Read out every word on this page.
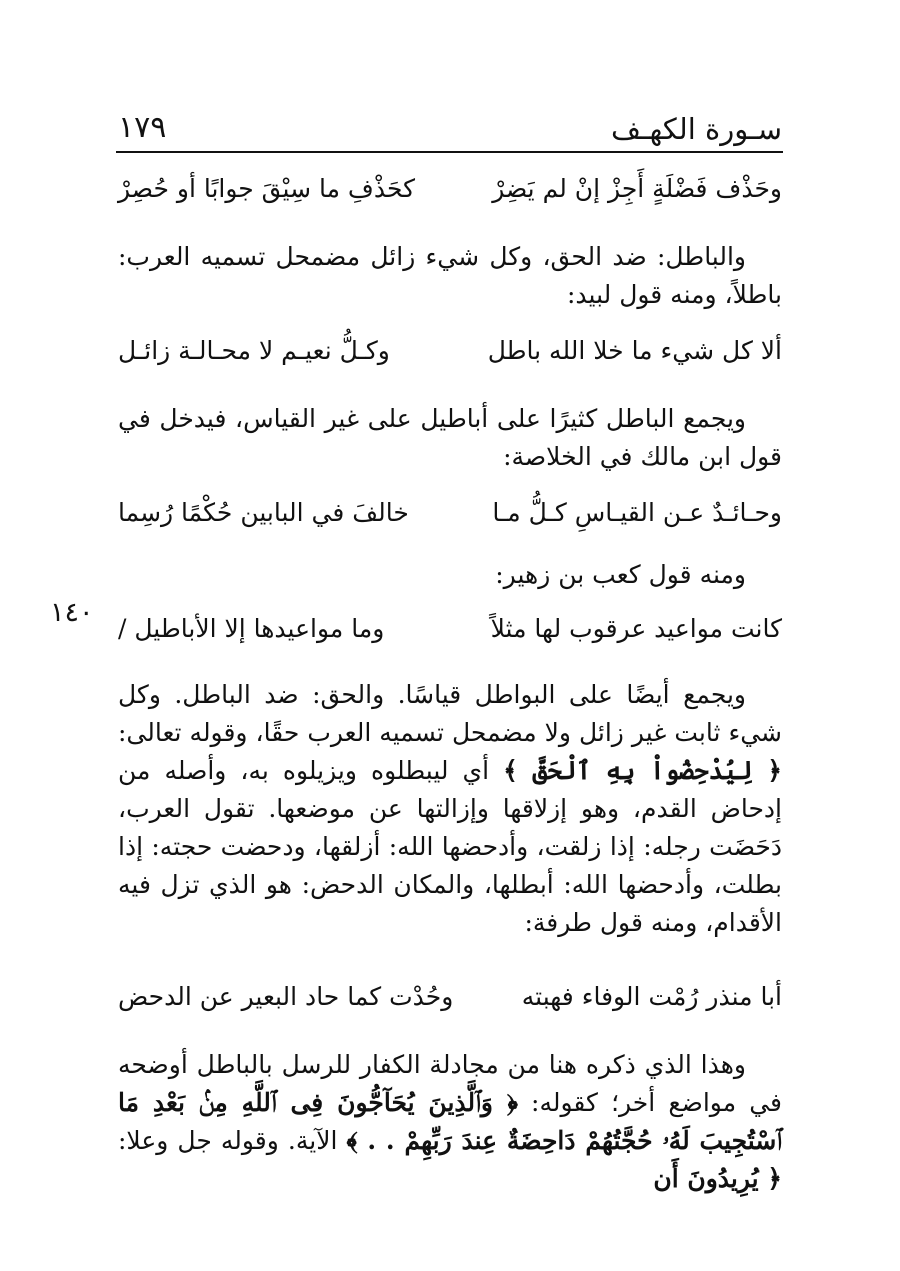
١٧٩	سـورة الكهـف
١٤٠
وحَذْف فَضْلَةٍ أَجِزْ إنْ لم يَضِرْ
كحَذْفِ ما سِيْقَ جوابًا أو حُصِرْ

والباطل: ضد الحق، وكل شيء زائل مضمحل تسميه العرب: باطلاً، ومنه قول لبيد:

ألا كل شيء ما خلا الله باطل
وكـلُّ نعيـم لا محـالـة زائـل

ويجمع الباطل كثيرًا على أباطيل على غير القياس، فيدخل في قول ابن مالك في الخلاصة:

وحـائـدٌ عـن القيـاسِ كـلُّ مـا
خالفَ في البابين حُكْمًا رُسِما

ومنه قول كعب بن زهير:

كانت مواعيد عرقوب لها مثلاً
وما مواعيدها إلا الأباطيل /

ويجمع أيضًا على البواطل قياسًا. والحق: ضد الباطل. وكل شيء ثابت غير زائل ولا مضمحل تسميه العرب حقًا، وقوله تعالى: ﴿ لِيُدْحِضُواْ بِهِ ٱلْحَقَّ ﴾ أي ليبطلوه ويزيلوه به، وأصله من إدحاض القدم، وهو إزلاقها وإزالتها عن موضعها. تقول العرب، دَحَضَت رجله: إذا زلقت، وأدحضها الله: أزلقها، ودحضت حجته: إذا بطلت، وأدحضها الله: أبطلها، والمكان الدحض: هو الذي تزل فيه الأقدام، ومنه قول طرفة:

أبا منذر رُمْت الوفاء فهبته
وحُدْت كما حاد البعير عن الدحض

وهذا الذي ذكره هنا من مجادلة الكفار للرسل بالباطل أوضحه في مواضع أخر؛ كقوله: ﴿ وَٱلَّذِينَ يُحَآجُّونَ فِى ٱللَّهِ مِنۢ بَعْدِ مَا ٱسْتُجِيبَ لَهُۥ حُجَّتُهُمْ دَاحِضَةٌ عِندَ رَبِّهِمْ . . ﴾ الآية. وقوله جل وعلا: ﴿ يُرِيدُونَ أَن
